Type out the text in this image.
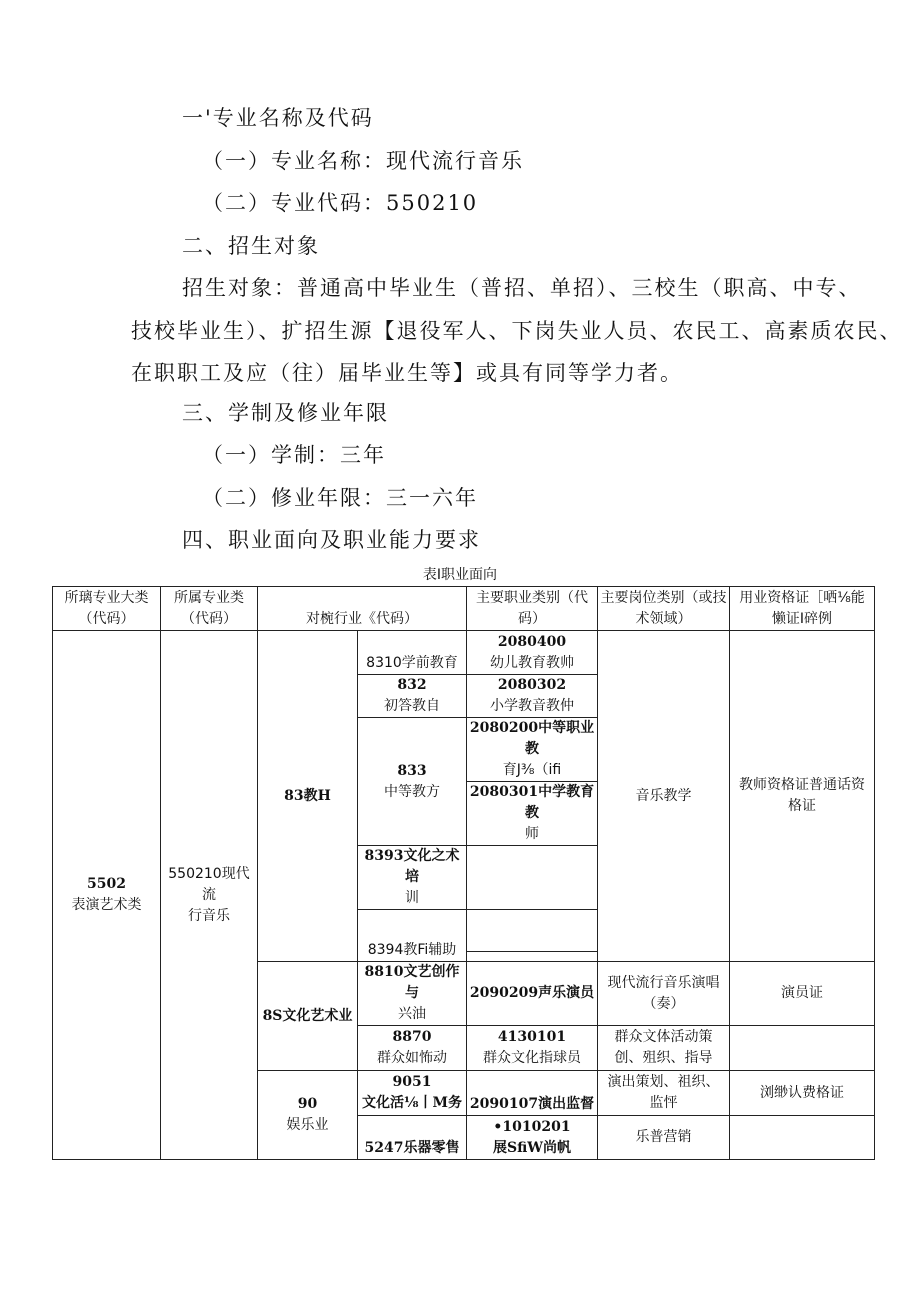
一'专业名称及代码
（一）专业名称：现代流行音乐
（二）专业代码：550210
二、招生对象
招生对象：普通高中毕业生（普招、单招）、三校生（职高、中专、
技校毕业生）、扩招生源【退役军人、下岗失业人员、农民工、高素质农民、
在职职工及应（往）届毕业生等】或具有同等学力者。
三、学制及修业年限
（一）学制：三年
（二）修业年限：三一六年
四、职业面向及职业能力要求
表I职业面向
所璃专业大类（代码）	所属专业类（代码）	对椀行业《代码）		主要职业类别（代码）	主要岗位类别（或技术领域）	用业资格证［哂⅛能
懒证I碎例

5502
表演艺术类	550210现代流
行音乐	83教H	8310学前教育	2080400
幼儿教育教帅	音乐教学	教师资格证普通话资
格证

			832
初答教自	2080302
小学教音教仲		

			833
中等教方	2080200中等职业教
育J⅜（ifi		

				2080301中学教育教
师		

			8393文化之术培
训			

			8394教Fi辅助			

		8S文化艺术业	8810文艺创作与
兴油	2090209声乐演员	现代流行音乐演唱
（奏）	演员证

			8870
群众如怖动	4130101
群众文化指球员	群众文体活动策
创、殂织、指导	

		90
娱乐业	9051
文化活⅛丨M务	2090107演出监督	演出策划、祖织、
监怦	浏缈认费格证
			5247乐器零售	•1010201
展SfiW尚帆	乐普营销	
